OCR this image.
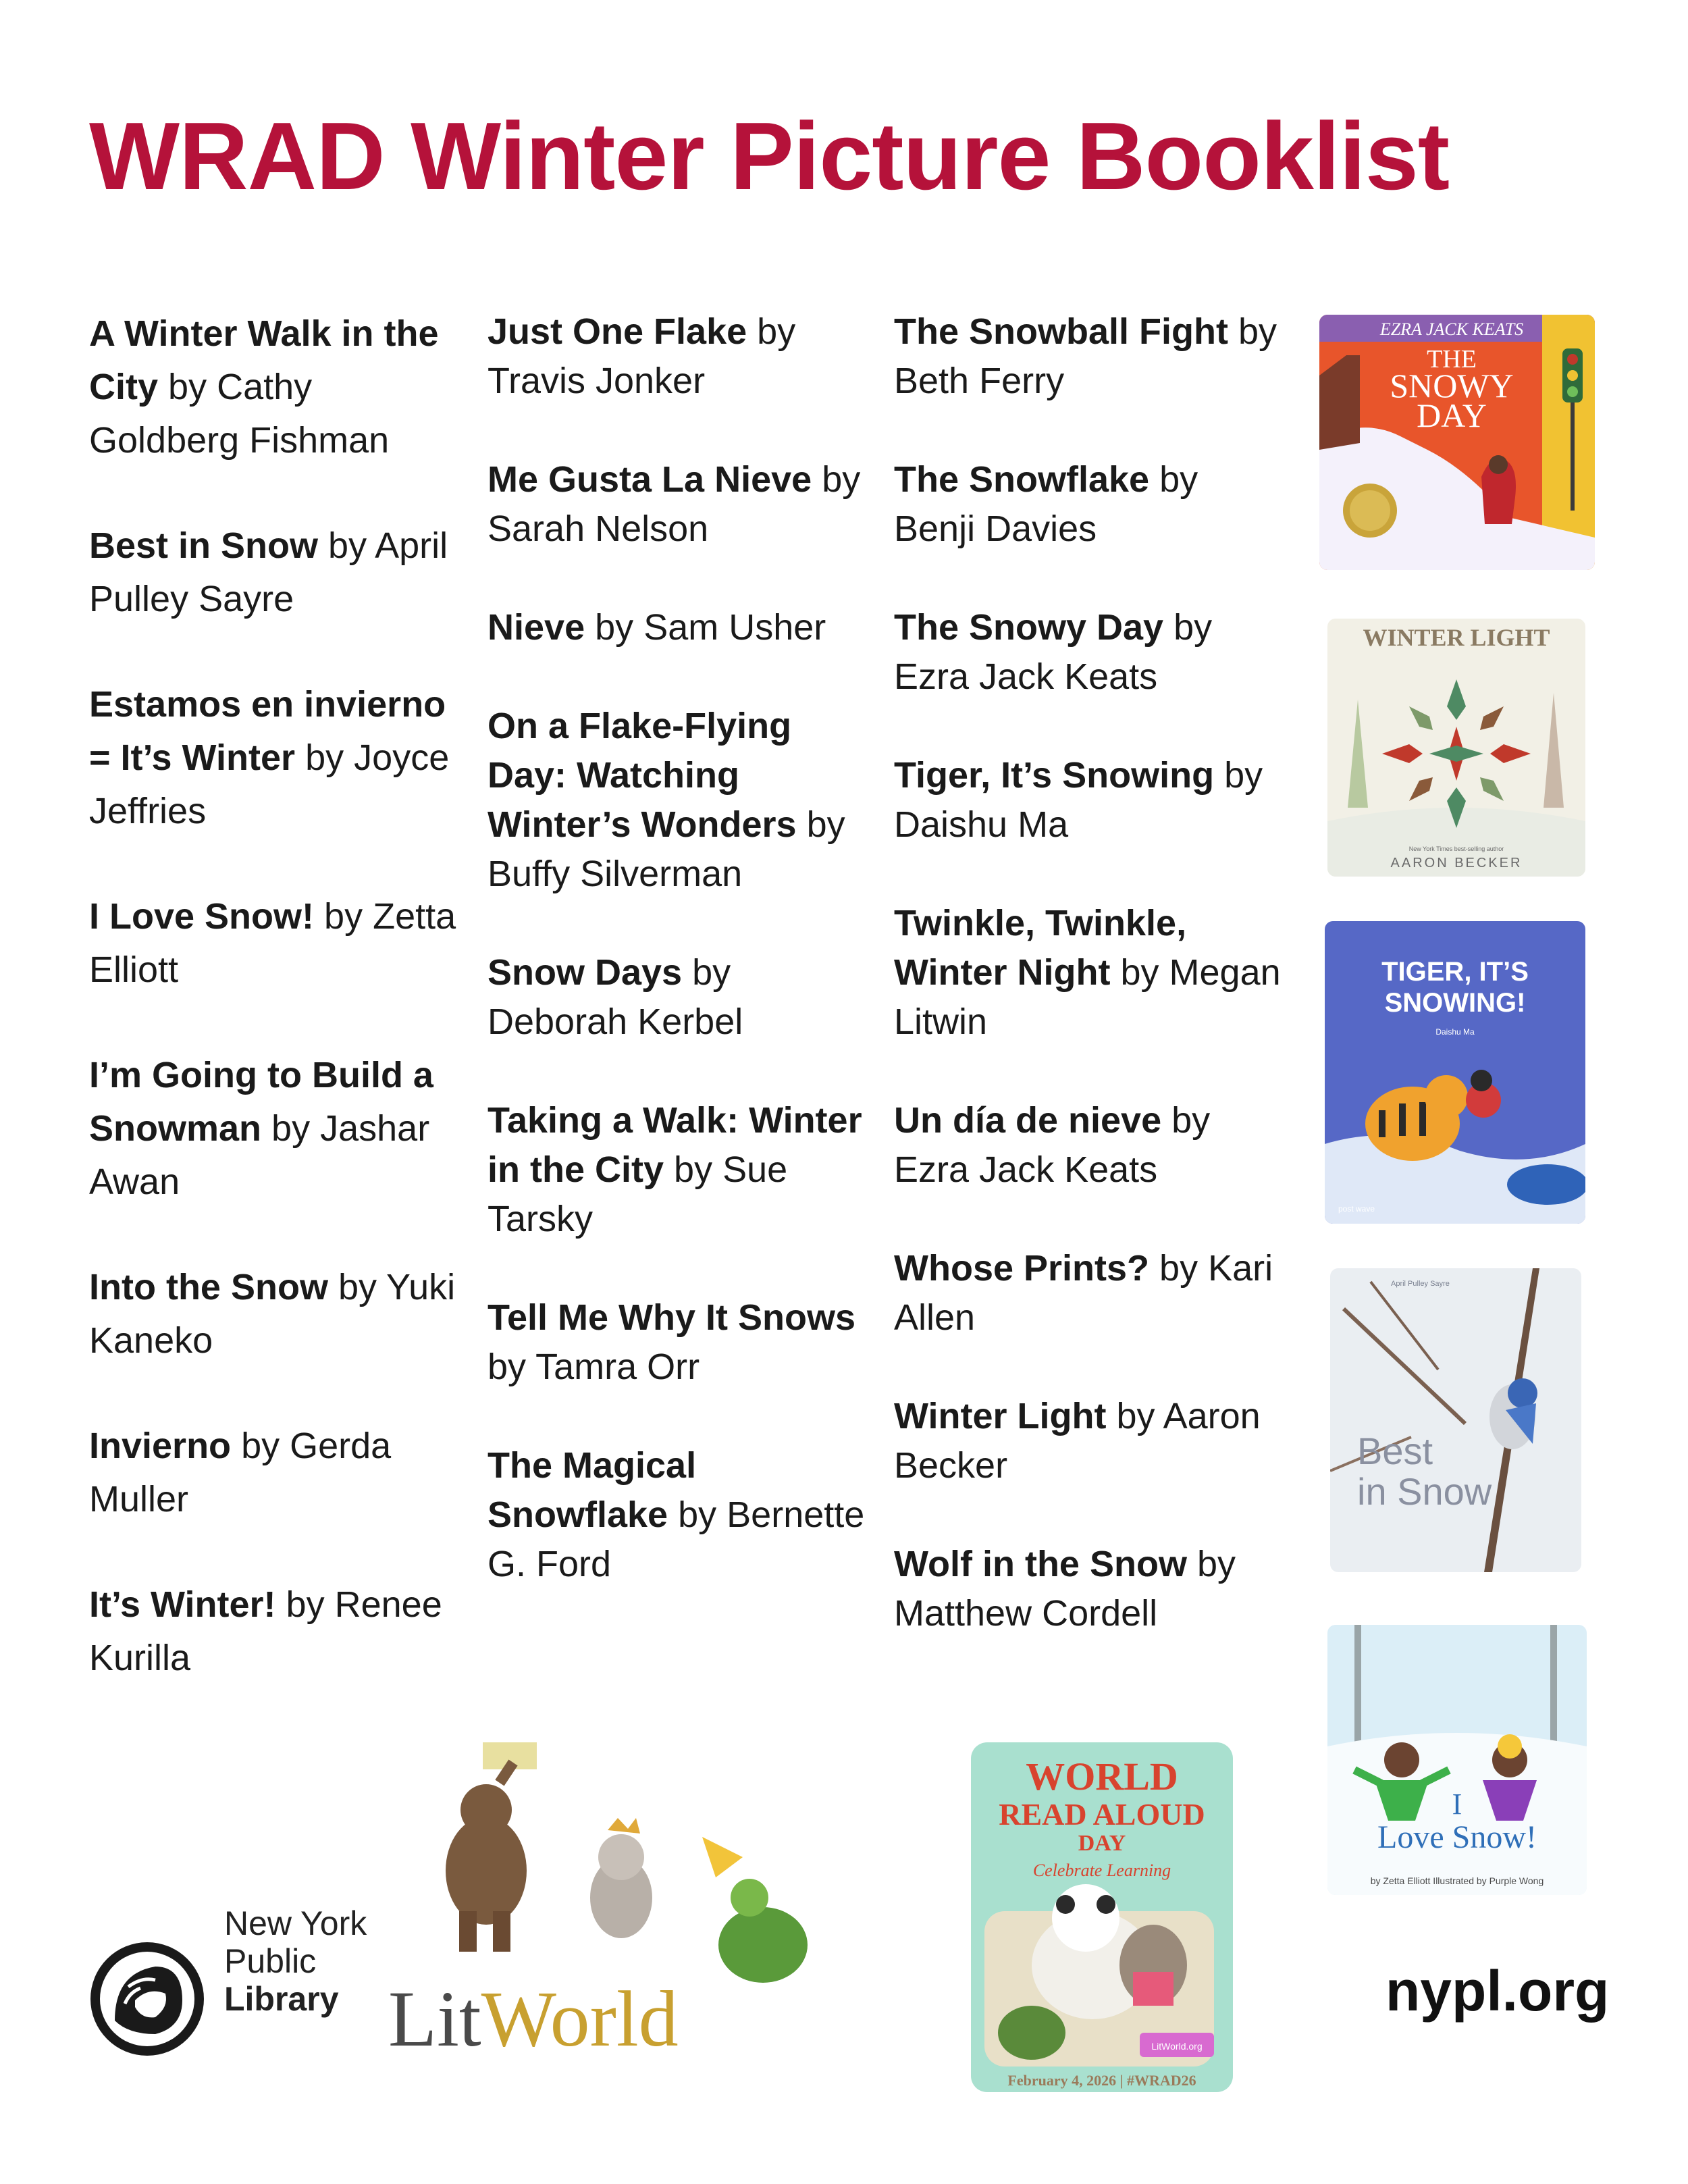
WRAD Winter Picture Booklist

A Winter Walk in the City by Cathy Goldberg Fishman

Best in Snow by April Pulley Sayre

Estamos en invierno = It’s Winter by Joyce Jeffries

I Love Snow! by Zetta Elliott

I’m Going to Build a Snowman by Jashar Awan

Into the Snow by Yuki Kaneko

Invierno by Gerda Muller

It’s Winter! by Renee Kurilla

Just One Flake by Travis Jonker

Me Gusta La Nieve by Sarah Nelson

Nieve by Sam Usher

On a Flake-Flying Day: Watching Winter’s Wonders by Buffy Silverman

Snow Days by Deborah Kerbel

Taking a Walk: Winter in the City by Sue Tarsky

Tell Me Why It Snows by Tamra Orr

The Magical Snowflake by Bernette G. Ford

The Snowball Fight by Beth Ferry

The Snowflake by Benji Davies

The Snowy Day by Ezra Jack Keats

Tiger, It’s Snowing by Daishu Ma

Twinkle, Twinkle, Winter Night by Megan Litwin

Un día de nieve by Ezra Jack Keats

Whose Prints? by Kari Allen

Winter Light by Aaron Becker

Wolf in the Snow by Matthew Cordell

EZRA JACK KEATS
THE
SNOWY
DAY
WINTER LIGHT
New York Times best-selling author
AARON BECKER
TIGER, IT’S
SNOWING!
Daishu Ma
post wave
April Pulley Sayre
Best
in Snow
I
Love Snow!
by Zetta Elliott Illustrated by Purple Wong
New York
Public
Library LitWorld	LitWorld.org
WORLD
READ ALOUD
DAY
Celebrate Learning
February 4, 2026 | #WRAD26
nypl.org
